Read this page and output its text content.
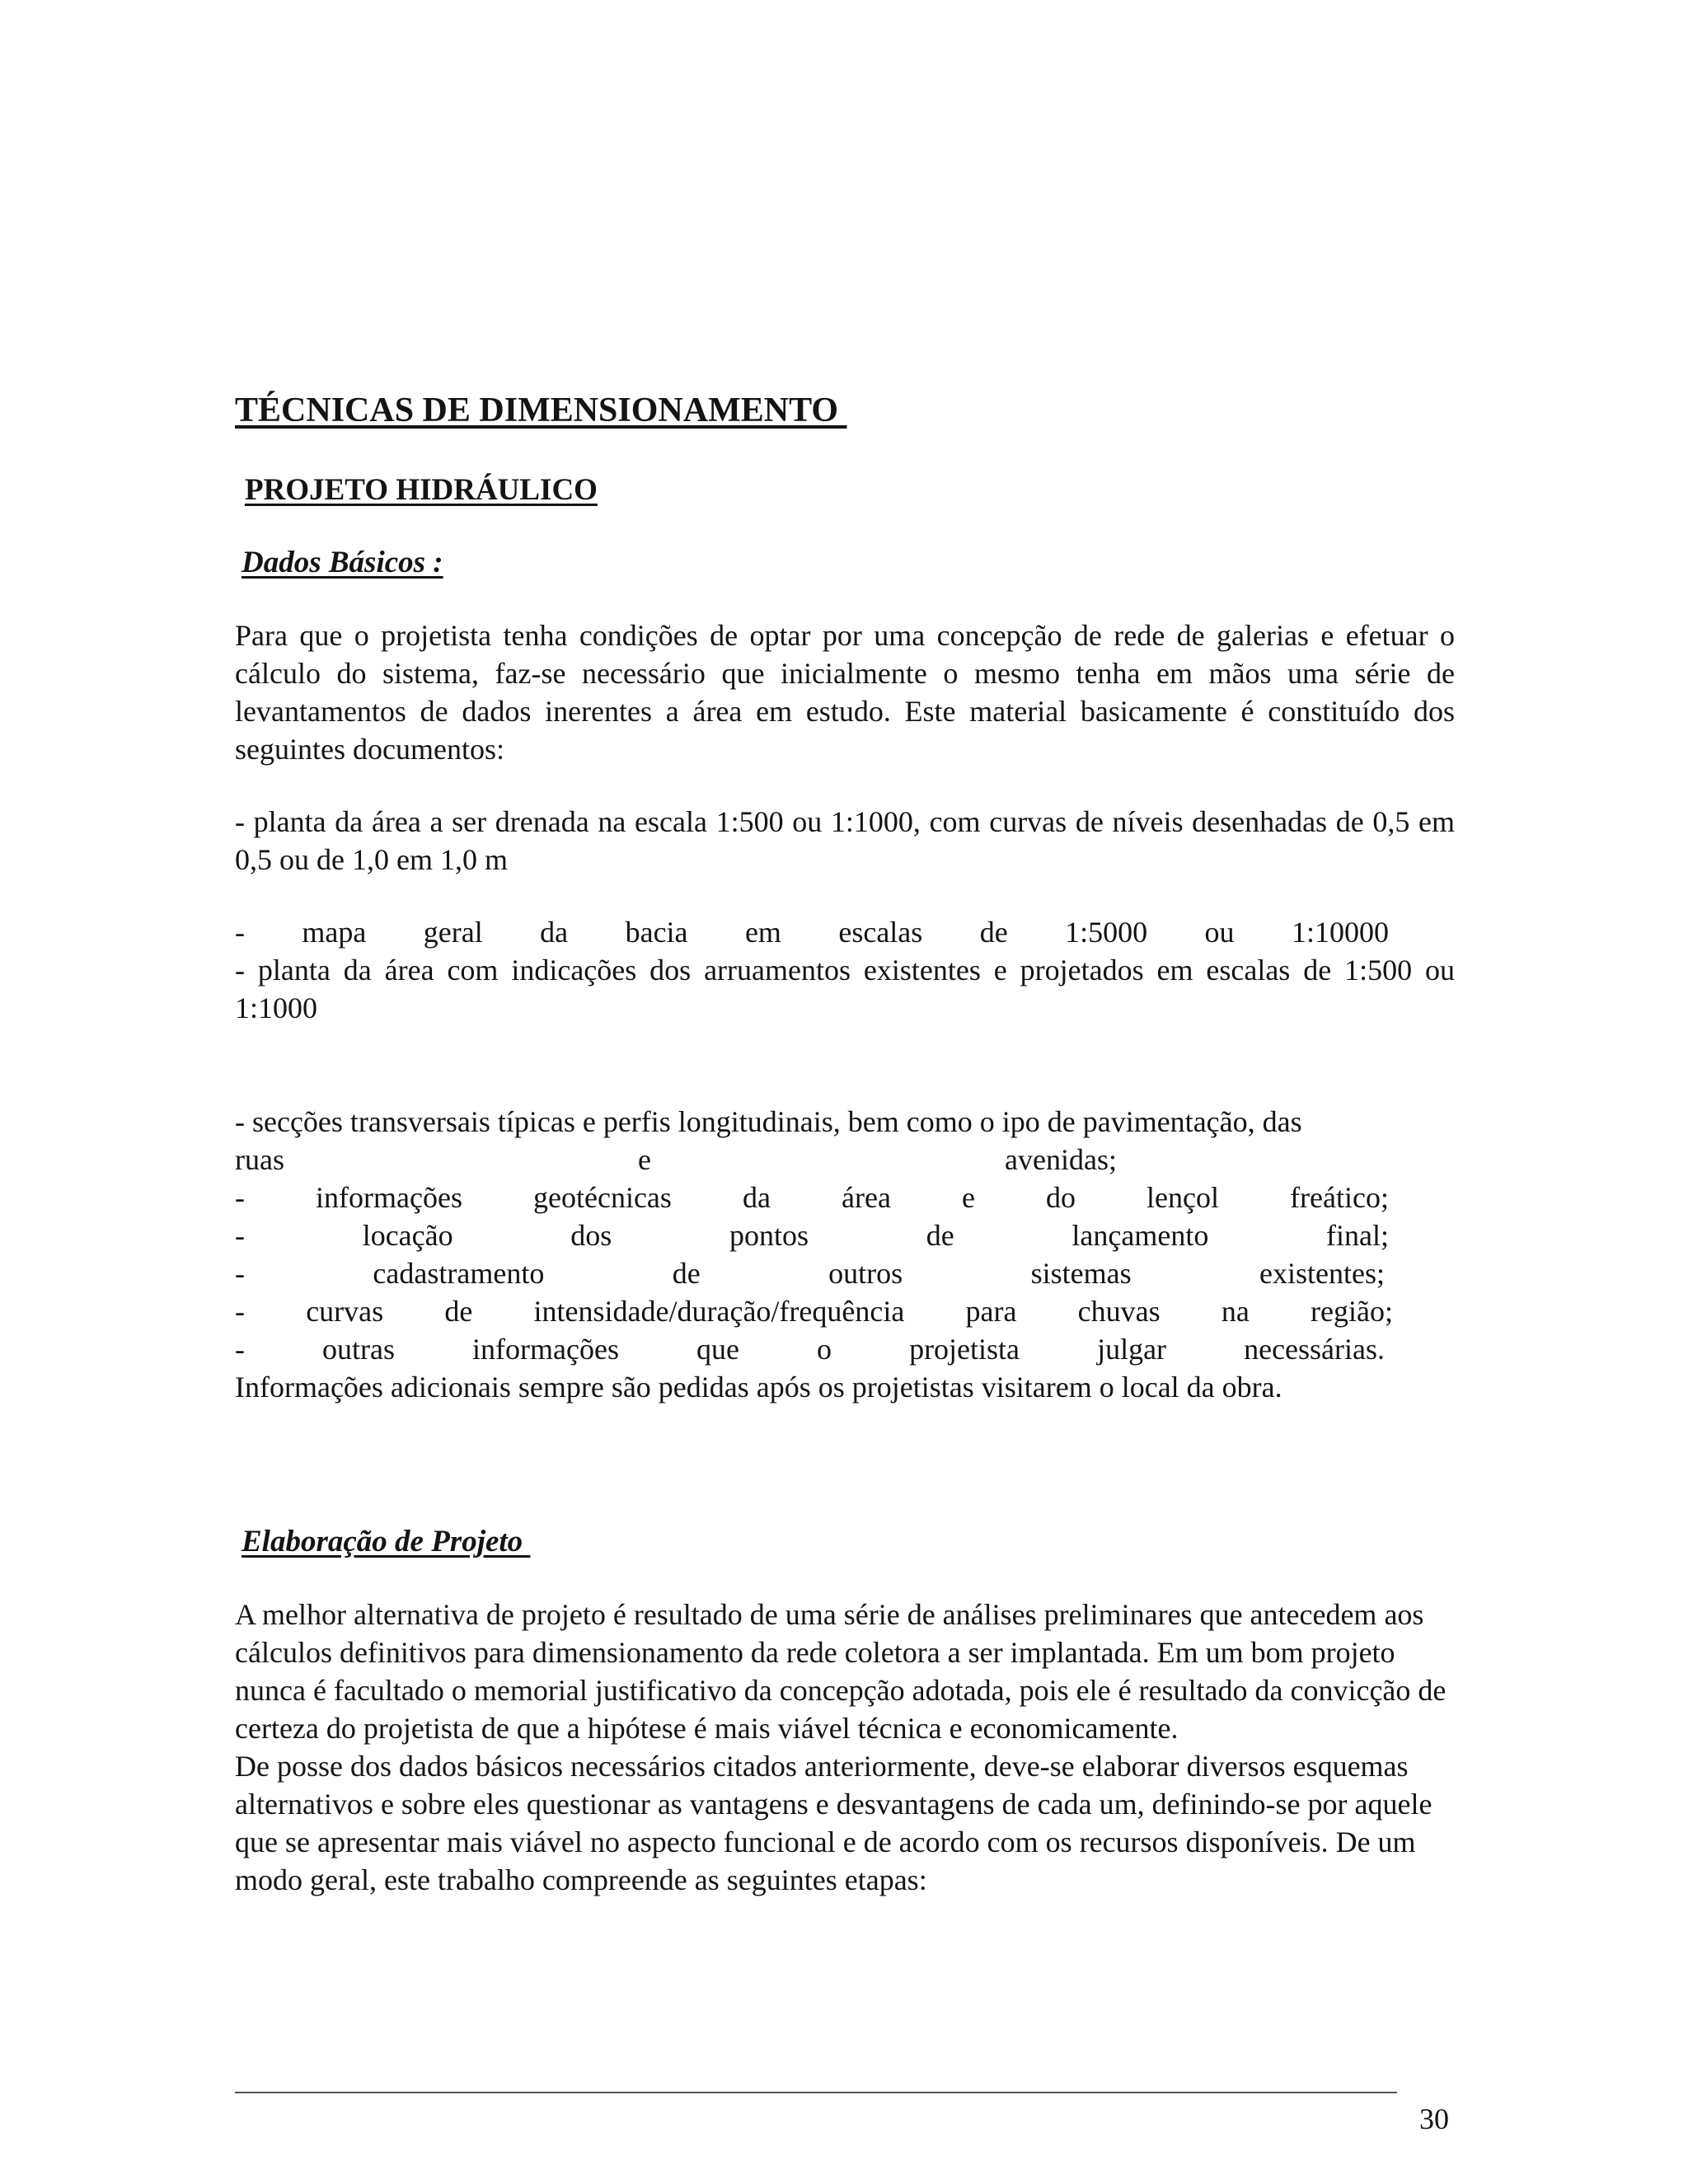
TÉCNICAS DE DIMENSIONAMENTO
PROJETO HIDRÁULICO
Dados Básicos :

Para que o projetista tenha condições de optar por uma concepção de rede de galerias e efetuar o cálculo do sistema, faz-se necessário que inicialmente o mesmo tenha em mãos uma série de levantamentos de dados inerentes a área em estudo. Este material basicamente é constituído dos seguintes documentos:

- planta da área a ser drenada na escala 1:500 ou 1:1000, com curvas de níveis desenhadas de 0,5 em 0,5 ou de 1,0 em 1,0 m

- mapa geral da bacia em escalas de 1:5000 ou 1:10000

- planta da área com indicações dos arruamentos existentes e projetados em escalas de 1:500 ou 1:1000

- secções transversais típicas e perfis longitudinais, bem como o ipo de pavimentação, das

ruas e avenidas;

- informações geotécnicas da área e do lençol freático;

- locação dos pontos de lançamento final;

- cadastramento de outros sistemas existentes;

- curvas de intensidade/duração/frequência para chuvas na região;

- outras informações que o projetista julgar necessárias.

Informações adicionais sempre são pedidas após os projetistas visitarem o local da obra.

Elaboração de Projeto

A melhor alternativa de projeto é resultado de uma série de análises preliminares que antecedem aos cálculos definitivos para dimensionamento da rede coletora a ser implantada. Em um bom projeto nunca é facultado o memorial justificativo da concepção adotada, pois ele é resultado da convicção de certeza do projetista de que a hipótese é mais viável técnica e economicamente.

De posse dos dados básicos necessários citados anteriormente, deve-se elaborar diversos esquemas alternativos e sobre eles questionar as vantagens e desvantagens de cada um, definindo-se por aquele que se apresentar mais viável no aspecto funcional e de acordo com os recursos disponíveis. De um modo geral, este trabalho compreende as seguintes etapas:

30
